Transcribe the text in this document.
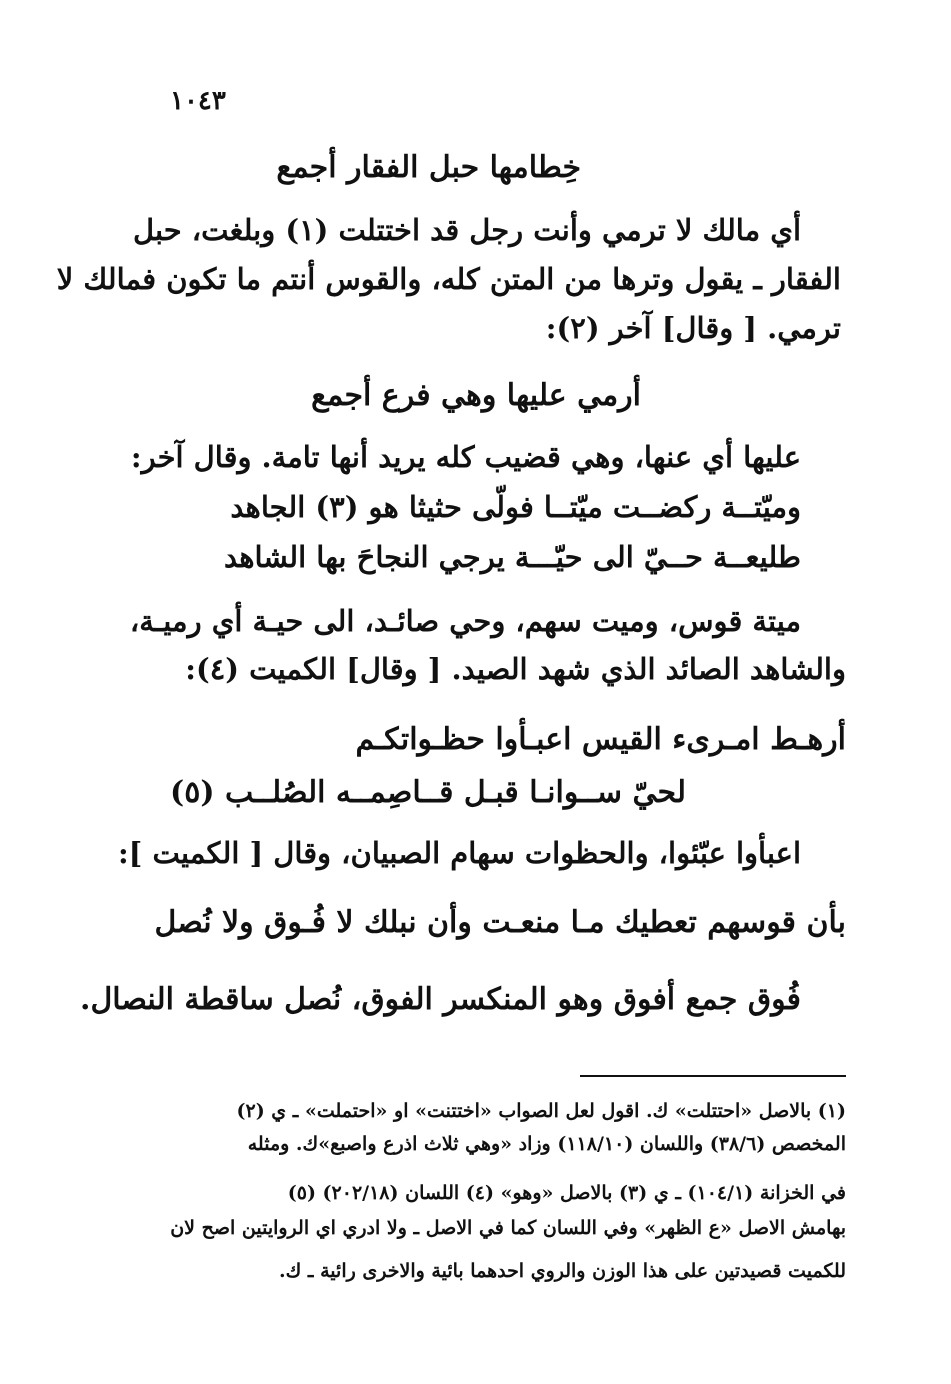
١٠٤٣
خِطامها حبل الفقار أجمع
أي مالك لا ترمي وأنت رجل قد اختتلت (١) وبلغت، حبل
الفقار ـ يقول وترها من المتن كله، والقوس أنتم ما تكون فمالك لا
ترمي. [ وقال] آخر (٢):
أرمي عليها وهي فرع أجمع
عليها أي عنها، وهي قضيب كله يريد أنها تامة. وقال آخر:
وميّتــة ركضــت ميّتــا فولّى حثيثا هو (٣) الجاهد
طليعــة حــيّ الى حيّـــة يرجي النجاحَ بها الشاهد
ميتة قوس، وميت سهم، وحي صائـد، الى حيـة أي رميـة،
والشاهد الصائد الذي شهد الصيد. [ وقال] الكميت (٤):
أرهـط امـرىء القيس اعبـأوا حظـواتكـم
لحيّ ســوانـا قبـل قــاصِمــه الصُلــب (٥)
اعبأوا عبّئوا، والحظوات سهام الصبيان، وقال [ الكميت ]:
بأن قوسهم تعطيك مـا منعـت وأن نبلك لا فُـوق ولا نُصل
فُوق جمع أفوق وهو المنكسر الفوق، نُصل ساقطة النصال.
(١) بالاصل «احتتلت» ك. اقول لعل الصواب «اختتنت» او «احتملت» ـ ي (٢)
المخصص (٣٨/٦) واللسان (١١٨/١٠) وزاد «وهي ثلاث اذرع واصبع»ك. ومثله
في الخزانة (١٠٤/١) ـ ي (٣) بالاصل «وهو» (٤) اللسان (٢٠٢/١٨) (٥)
بهامش الاصل «ع الظهر» وفي اللسان كما في الاصل ـ ولا ادري اي الروايتين اصح لان
للكميت قصيدتين على هذا الوزن والروي احدهما بائية والاخرى رائية ـ ك.
